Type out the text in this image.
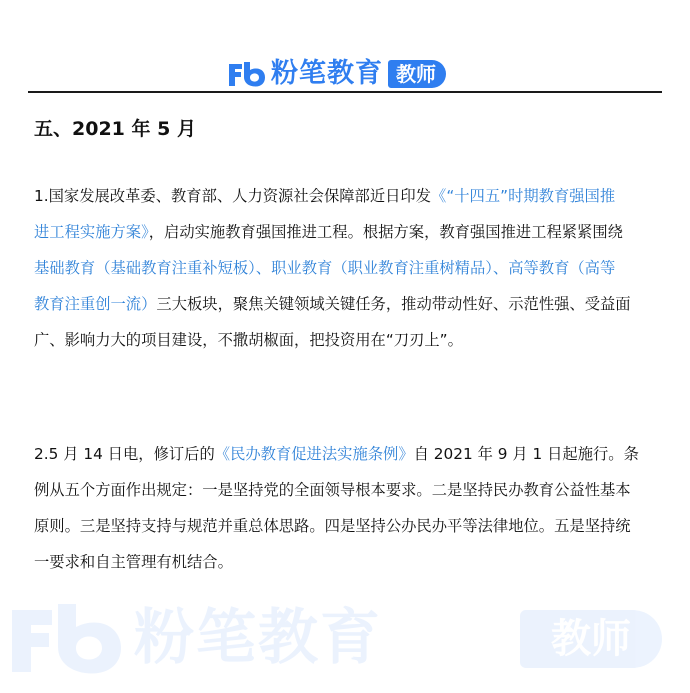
粉笔教育 教师
五、2021 年 5 月
1.国家发展改革委、教育部、人力资源社会保障部近日印发《“十四五”时期教育强国推
进工程实施方案》，启动实施教育强国推进工程。根据方案，教育强国推进工程紧紧围绕
基础教育（基础教育注重补短板）、职业教育（职业教育注重树精品）、高等教育（高等
教育注重创一流）三大板块，聚焦关键领域关键任务，推动带动性好、示范性强、受益面
广、影响力大的项目建设，不撒胡椒面，把投资用在“刀刃上”。
2.5 月 14 日电，修订后的《民办教育促进法实施条例》自 2021 年 9 月 1 日起施行。条
例从五个方面作出规定：一是坚持党的全面领导根本要求。二是坚持民办教育公益性基本
原则。三是坚持支持与规范并重总体思路。四是坚持公办民办平等法律地位。五是坚持统
一要求和自主管理有机结合。
粉笔教育	教师
